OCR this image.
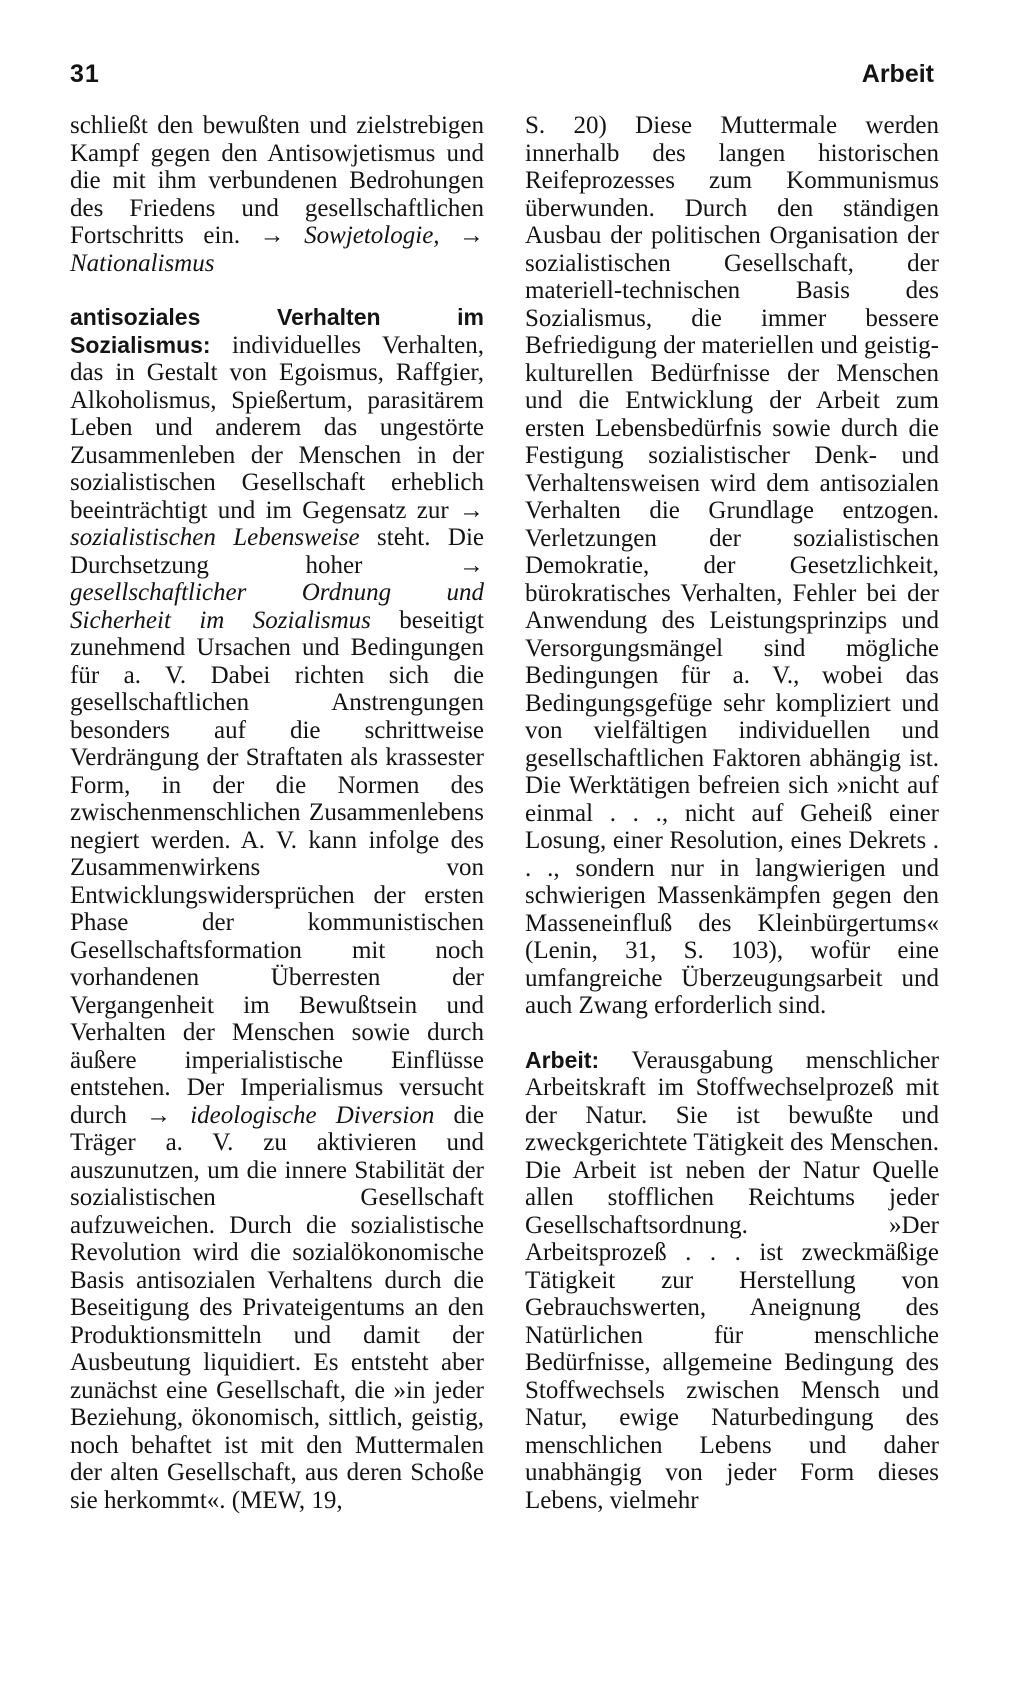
31	Arbeit

schließt den bewußten und zielstrebigen Kampf gegen den Antisowjetismus und die mit ihm verbundenen Bedrohungen des Friedens und gesellschaftlichen Fortschritts ein. → Sowjetologie, → Nationalismus

antisoziales Verhalten im Sozialismus: individuelles Verhalten, das in Gestalt von Egoismus, Raffgier, Alkoholismus, Spießertum, parasitärem Leben und anderem das ungestörte Zusammenleben der Menschen in der sozialistischen Gesellschaft erheblich beeinträchtigt und im Gegensatz zur → sozialistischen Lebensweise steht. Die Durchsetzung hoher	→ gesellschaftlicher Ordnung und Sicherheit im Sozialismus beseitigt zunehmend Ursachen und Bedingungen für a. V. Dabei richten sich die gesellschaftlichen Anstrengungen besonders auf die schrittweise Verdrängung der Straftaten als krassester Form, in der die Normen des zwischenmenschlichen Zusammenlebens negiert werden. A. V. kann infolge des Zusammenwirkens von Entwicklungswidersprüchen der ersten Phase der kommunistischen Gesellschaftsformation mit noch vorhandenen Überresten der Vergangenheit im Bewußtsein und Verhalten der Menschen sowie durch äußere imperialistische Einflüsse entstehen. Der Imperialismus versucht durch → ideologische Diversion die Träger a. V. zu aktivieren und auszunutzen, um die innere Stabilität der sozialistischen Gesellschaft aufzuweichen. Durch die sozialistische Revolution wird die sozialökonomische Basis antisozialen Verhaltens durch die Beseitigung des Privateigentums an den Produktionsmitteln und damit der Ausbeutung liquidiert. Es entsteht aber zunächst eine Gesellschaft, die »in jeder Beziehung, ökonomisch, sittlich, geistig, noch behaftet ist mit den Muttermalen der alten Gesellschaft, aus deren Schoße sie herkommt«. (MEW, 19,

S. 20) Diese Muttermale werden innerhalb des langen historischen Reifeprozesses zum Kommunismus überwunden. Durch den ständigen Ausbau der politischen Organisation der sozialistischen Gesellschaft, der materiell-technischen Basis des Sozialismus, die immer bessere Befriedigung der materiellen und geistig-kulturellen Bedürfnisse der Menschen und die Entwicklung der Arbeit zum ersten Lebensbedürfnis sowie durch die Festigung sozialistischer Denk- und Verhaltensweisen wird dem antisozialen Verhalten die Grundlage entzogen. Verletzungen der sozialistischen Demokratie, der Gesetzlichkeit, bürokratisches Verhalten, Fehler bei der Anwendung des Leistungsprinzips und Versorgungsmängel sind mögliche Bedingungen für a. V., wobei das Bedingungsgefüge sehr kompliziert und von vielfältigen individuellen und gesellschaftlichen Faktoren abhängig ist. Die Werktätigen befreien sich »nicht auf einmal . . ., nicht auf Geheiß einer Losung, einer Resolution, eines Dekrets . . ., sondern nur in langwierigen und schwierigen Massenkämpfen gegen den Masseneinfluß des Kleinbürgertums« (Lenin, 31, S. 103), wofür eine umfangreiche Überzeugungsarbeit und auch Zwang erforderlich sind.

Arbeit: Verausgabung menschlicher Arbeitskraft im Stoffwechselprozeß mit der Natur. Sie ist bewußte und zweckgerichtete Tätigkeit des Menschen. Die Arbeit ist neben der Natur Quelle allen stofflichen Reichtums jeder Gesellschaftsordnung. »Der Arbeitsprozeß . . . ist zweckmäßige Tätigkeit zur Herstellung von Gebrauchswerten, Aneignung des Natürlichen für menschliche Bedürfnisse, allgemeine Bedingung des Stoffwechsels zwischen Mensch und Natur, ewige Naturbedingung des menschlichen Lebens und daher unabhängig von jeder Form dieses Lebens, vielmehr
